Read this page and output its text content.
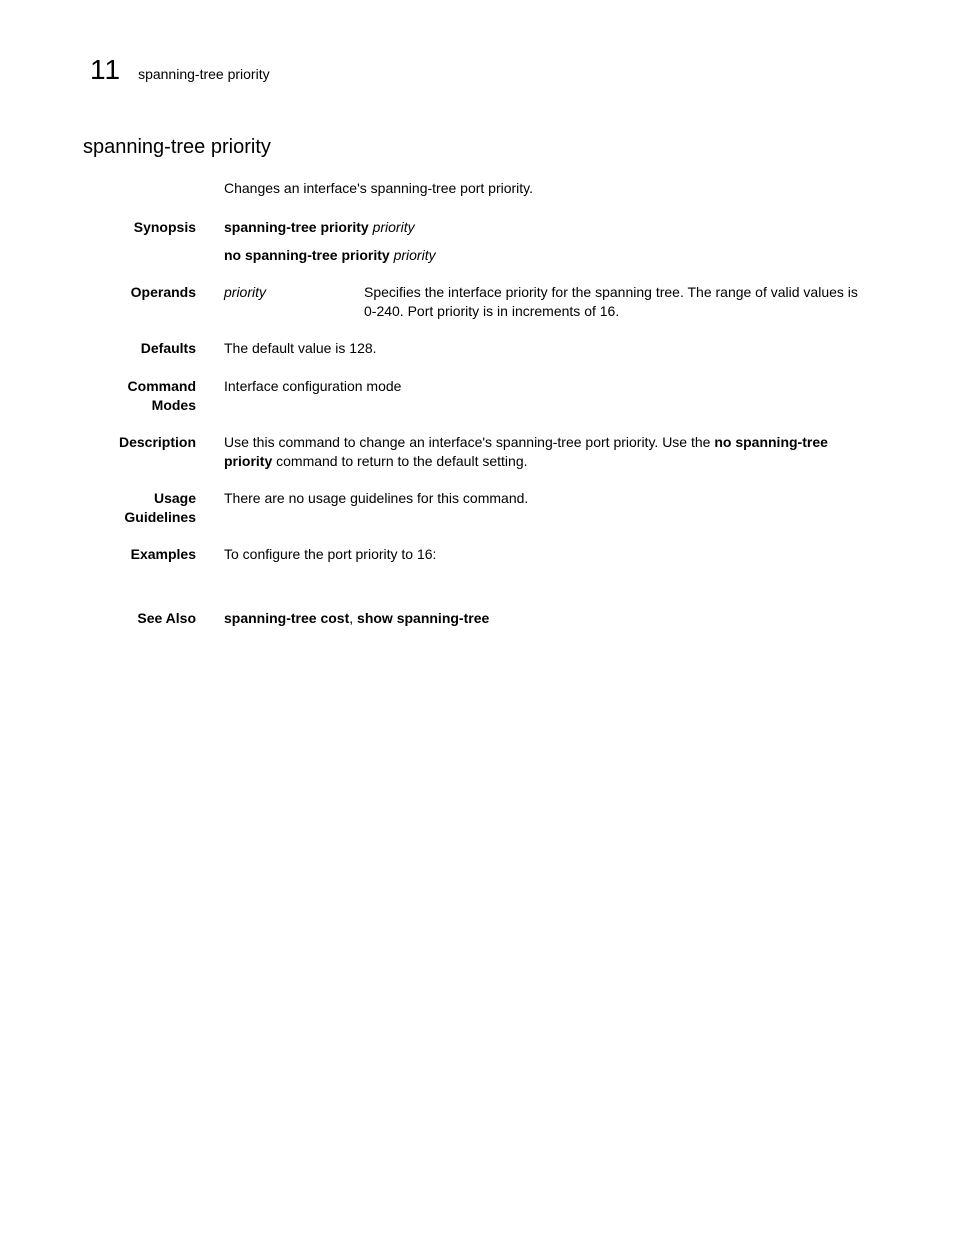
11 spanning-tree priority
spanning-tree priority
Changes an interface's spanning-tree port priority.
Synopsis spanning-tree priority priority
no spanning-tree priority priority
Operands priority	Specifies the interface priority for the spanning tree. The range of valid values is 0-240. Port priority is in increments of 16.
Defaults The default value is 128.
Command
Modes
Interface configuration mode
Description Use this command to change an interface's spanning-tree port priority. Use the no spanning-tree priority command to return to the default setting.
Usage
Guidelines
There are no usage guidelines for this command.
Examples To configure the port priority to 16:
See Also spanning-tree cost, show spanning-tree
